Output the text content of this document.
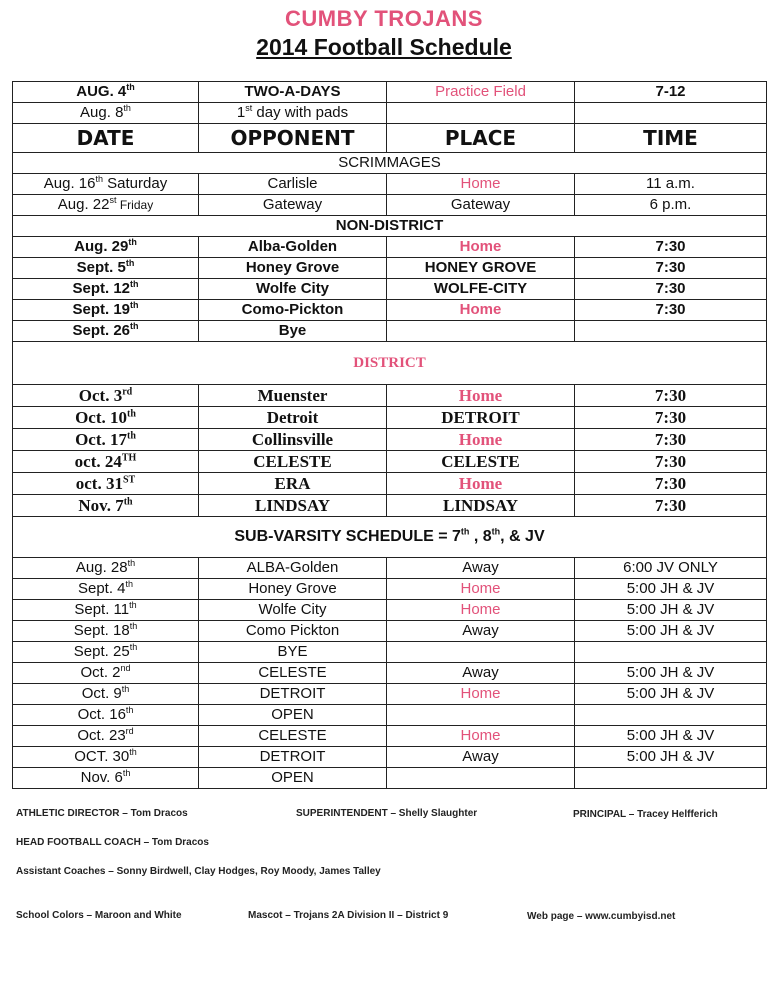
CUMBY TROJANS
2014 Football Schedule
AUG. 4th	TWO-A-DAYS	Practice Field	7-12
Aug. 8th	1st day with pads		
DATE	OPPONENT	PLACE	TIME
SCRIMMAGES			
Aug. 16th Saturday	Carlisle	Home	11 a.m.
Aug. 22st Friday	Gateway	Gateway	6 p.m.
NON-DISTRICT			
Aug. 29th	Alba-Golden	Home	7:30
Sept. 5th	Honey Grove	HONEY GROVE	7:30
Sept. 12th	Wolfe City	WOLFE-CITY	7:30
Sept. 19th	Como-Pickton	Home	7:30
Sept. 26th	Bye		
DISTRICT			
Oct. 3rd	Muenster	Home	7:30
Oct. 10th	Detroit	DETROIT	7:30
Oct. 17th	Collinsville	Home	7:30
oct. 24TH	CELESTE	CELESTE	7:30
oct. 31ST	ERA	Home	7:30
Nov. 7th	LINDSAY	LINDSAY	7:30
SUB-VARSITY SCHEDULE = 7th , 8th, & JV			
Aug. 28th	ALBA-Golden	Away	6:00 JV ONLY
Sept. 4th	Honey Grove	Home	5:00 JH & JV
Sept. 11th	Wolfe City	Home	5:00 JH & JV
Sept. 18th	Como Pickton	Away	5:00 JH & JV
Sept. 25th	BYE		
Oct. 2nd	CELESTE	Away	5:00 JH & JV
Oct. 9th	DETROIT	Home	5:00 JH & JV
Oct. 16th	OPEN		
Oct. 23rd	CELESTE	Home	5:00 JH & JV
OCT. 30th	DETROIT	Away	5:00 JH & JV
Nov. 6th	OPEN		
ATHLETIC DIRECTOR – Tom Dracos	SUPERINTENDENT – Shelly Slaughter	PRINCIPAL – Tracey Helfferich
HEAD FOOTBALL COACH – Tom Dracos
Assistant Coaches – Sonny Birdwell, Clay Hodges, Roy Moody, James Talley
School Colors – Maroon and White	Mascot – Trojans 2A Division II – District 9	Web page – www.cumbyisd.net
